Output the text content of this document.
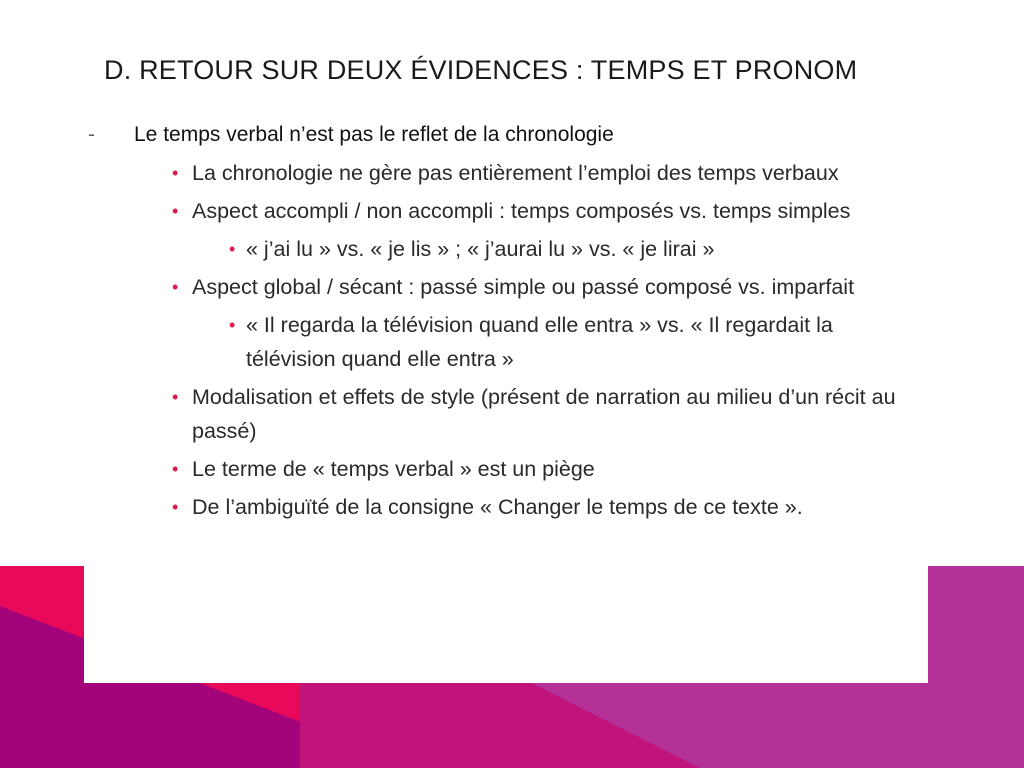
D. RETOUR SUR DEUX ÉVIDENCES : TEMPS ET PRONOM
- Le temps verbal n’est pas le reflet de la chronologie
• La chronologie ne gère pas entièrement l’emploi des temps verbaux
• Aspect accompli / non accompli : temps composés vs. temps simples
• « j’ai lu » vs. « je lis » ; « j’aurai lu » vs. « je lirai »
• Aspect global / sécant : passé simple ou passé composé vs. imparfait
• « Il regarda la télévision quand elle entra » vs. « Il regardait la télévision quand elle entra »
• Modalisation et effets de style (présent de narration au milieu d’un récit au passé)
• Le terme de « temps verbal » est un piège
• De l’ambiguïté de la consigne « Changer le temps de ce texte ».
